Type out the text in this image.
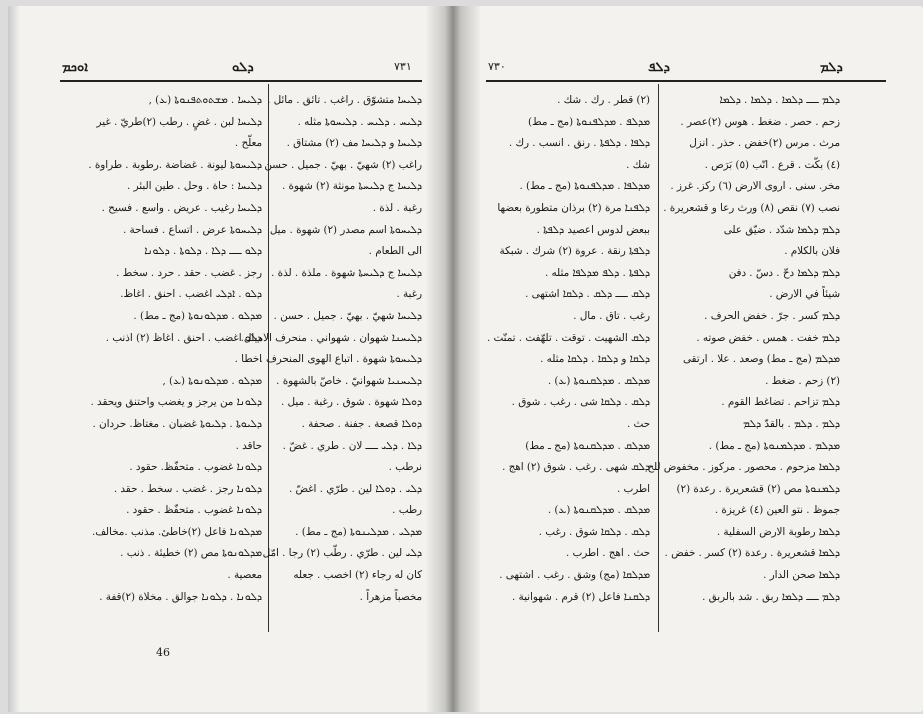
ܐܘܟܡ	ܕܠܘ	٧٣١
ܕܠܝܚܐ . ܡܫܬܘܬܦܢܘܬܐ (ܥ) ,
ܕܠܝܚܐ لبن . غضٍ . رطب (٢)طريّ . غير
معلّح .
ܕܠܝܚܘܬܐ ليونة . غضاضة .رطوبة . طراوة .
ܕܠܝܚܐ : حاة . وحل . طين البئر .
ܕܠܝܚܐ رغيب . عريض . واسع . فسيح .
ܕܠܝܚܘܬܐ عرض . اتساع . فساحة .
ܕܠܘ ـــ ܕܠܐ . ܕܠܘܬܐ . ܕܠܘܢܐ
رجز . غضب . حقد . حرد . سخط .
ܕܠܘ . ܐܕܠܝ اغضب . احنق . اغاظ.
ܡܕܠܘ . ܡܕܠܘܢܘܬܐ (مج ـ مط) .
ܕܠܘ اغضب . احنق . اغاظ (٢) اذنب .
اخطا .
ܡܕܠܘ . ܡܕܠܘܢܘܬܐ (ܥ) ,
ܕܠܘܢܐ من يرجز و يغضب واحتنق ويحقد .
ܕܠܝܘܬܐ . ܕܠܝܘܬܐ غضبان . مغتاظ. حردان .
حاقد .
ܕܠܘܢܐ غضوب . متحفّظ. حقود .
ܕܠܘܢܐ رجز . غضب . سخط . حقد .
ܕܠܘܢܐ غضوب . متحفّظ . حقود .
ܡܕܠܘܢܐ فاعل (٢)خاطئ. مذنب .مخالف.
ܡܕܠܘܢܘܬܐ مص (٢) خطيئة . ذنب .
معصية .
ܕܠܘܢܐ . ܕܠܘܢܐ جوالق . مخلاة (٢)قفة .
ܕܠܝܚܐ متشوّق . راغب . تائق . مائل .
ܕܠܝܚ . ܕܠܝܚ . ܕܠܝܚܘܬܐ مثله .
ܕܠܝܚܐ و ܕܠܝܚܐ مف (٢) مشتاق .
راغب (٢) شهيّ . بهيّ . جميل . حسن .
ܕܠܝܚܐ ج ܕܠܝܚܬܐ مونثة (٢) شهوة .
رغبة . لذة .
ܕܠܝܚܘܬܐ اسم مصدر (٢) شهوة . ميل
الى الطعام .
ܕܠܝܚܐ ج ܕܠܝܚܬܐ شهوة . ملذة . لذة .
رغبة .
ܕܠܝܚܐ شهيّ . بهيّ . جميل . حسن .
ܕܠܝܚܢܐ شهوان . شهواني . منحرف الاميال.
ܕܠܝܚܘܬܐ شهوة . اتباع الهوى المنحرف .
ܕܠܝܚܢܝܐ شهوانيّ . خاصّ بالشهوة .
ܕܘܠܐ شهوة . شوق . رغبة . ميل .
ܕܘܠܐ قصعة . جفنة . صحفة .
ܕܠܐ . ܕܠܝ ـــ لان . طري . غضّ .
نرطب .
ܕܠܝ . ܕܘܠܐ لين . طرّي . اغضّ .
رطب .
ܡܕܠܝ . ܡܕܠܝܢܘܬܐ (مج ـ مط) .
ܕܠܝ لين . طرّي . رطّب (٢) رجا . امّل .
كان له رجاء (٢) اخصب . جعله
مخصباً مزهراً .
46
٧٣٠	ܕܠܦ	ܕܠܡ
(٢) قطر . رك . شك .
ܡܕܠܦ . ܡܕܠܦܢܘܬܐ (مج ـ مط)
ܕܠܦܐ . ܕܠܦܬܐ . رنق . انسب . رك .
شك .
ܡܕܠܦܐ . ܡܕܠܦܢܘܬܐ (مج ـ مط) .
ܕܠܦܢܐ مرة (٢) برذان متطورة بعضها
ببعض لدوس اعصيد ܕܠܦܬܐ .
ܕܠܦܬܐ رنقة . عروة (٢) شرك . شبكة
ܕܠܦܬܐ . ܕܠܦ ܡܕܠܦܐ مثله .
ܕܠܩ ـــ ܕܠܩ . ܕܠܩܐ اشتهى .
رغب . تاق . مال .
ܕܠܩ الشهيت . توقت . تلهّفت . تمنّت .
ܕܠܩܐ و ܕܠܩܐ . ܕܠܩܐ مثله .
ܡܕܠܩ . ܡܕܠܩܢܘܬܐ (ܥ) .
ܕܠܩ . ܕܠܩܐ شى . رغب . شوق .
حث .
ܡܕܠܩ . ܡܕܠܩܢܘܬܐ (مج ـ مط)
ܕܠܩ شهى . رغب . شوق (٢) اهج .
اطرب .
ܡܕܠܩ . ܡܕܠܩܢܘܬܐ (ܥ) .
ܕܠܩ . ܕܠܩܐ شوق . رغب .
حث . اهج . اطرب .
ܡܕܠܩܐ (مج) وشق . رغب . اشتهى .
ܕܠܩܢܐ فاعل (٢) قرم . شهوانية .
ܕܠܡ ـــ ܕܠܡܐ . ܕܠܡܐ . ܕܠܡܐ
زحم . حصر . ضغط . هوس (٢)عصر .
مرث . مرس (٢)خفض . حذر . انزل
(٤) بكّت . قرع . انّب (٥) بَرَص .
مخر. سنى . اروى الارض (٦) ركز. غرز .
نصب (٧) نقص (٨) ورث رعا و قشعريرة .
ܕܠܡ ܕܠܡܐ شدّد . ضيّق على
فلان بالكلام .
ܕܠܡ ܕܠܡܐ دحّ . دسّ . دفن
شيئاً في الارض .
ܕܠܡ كسر . جرّ . خفض الحرف .
ܕܠܡ خفت . همس . خفض صوته .
ܡܕܠܡ (مج ـ مط) وصعد . علا . ارتقى
(٢) زحم . ضغط .
ܕܠܡ تزاحم . تضاغط القوم .
ܕܠܡ . ܕܠܡ . بالقدّ ܕܠܡ
ܡܕܠܡ . ܡܕܠܡܢܘܬܐ (مج ـ مط) .
ܕܠܡܐ مزحوم . محصور . مركوز . مخفوض للح .
ܕܠܡܢܘܬܐ مص (٢) قشعريرة . رعدة (٢)
جموظ . نتو العين (٤) غريزة .
ܕܠܡܐ رطوبة الارض السفلية .
ܕܠܡܐ قشعريرة . رعدة (٢) كسر . خفض .
ܕܠܡܐ صحن الدار .
ܕܠܡ ـــ ܕܠܡܐ ربق . شد بالربق .
